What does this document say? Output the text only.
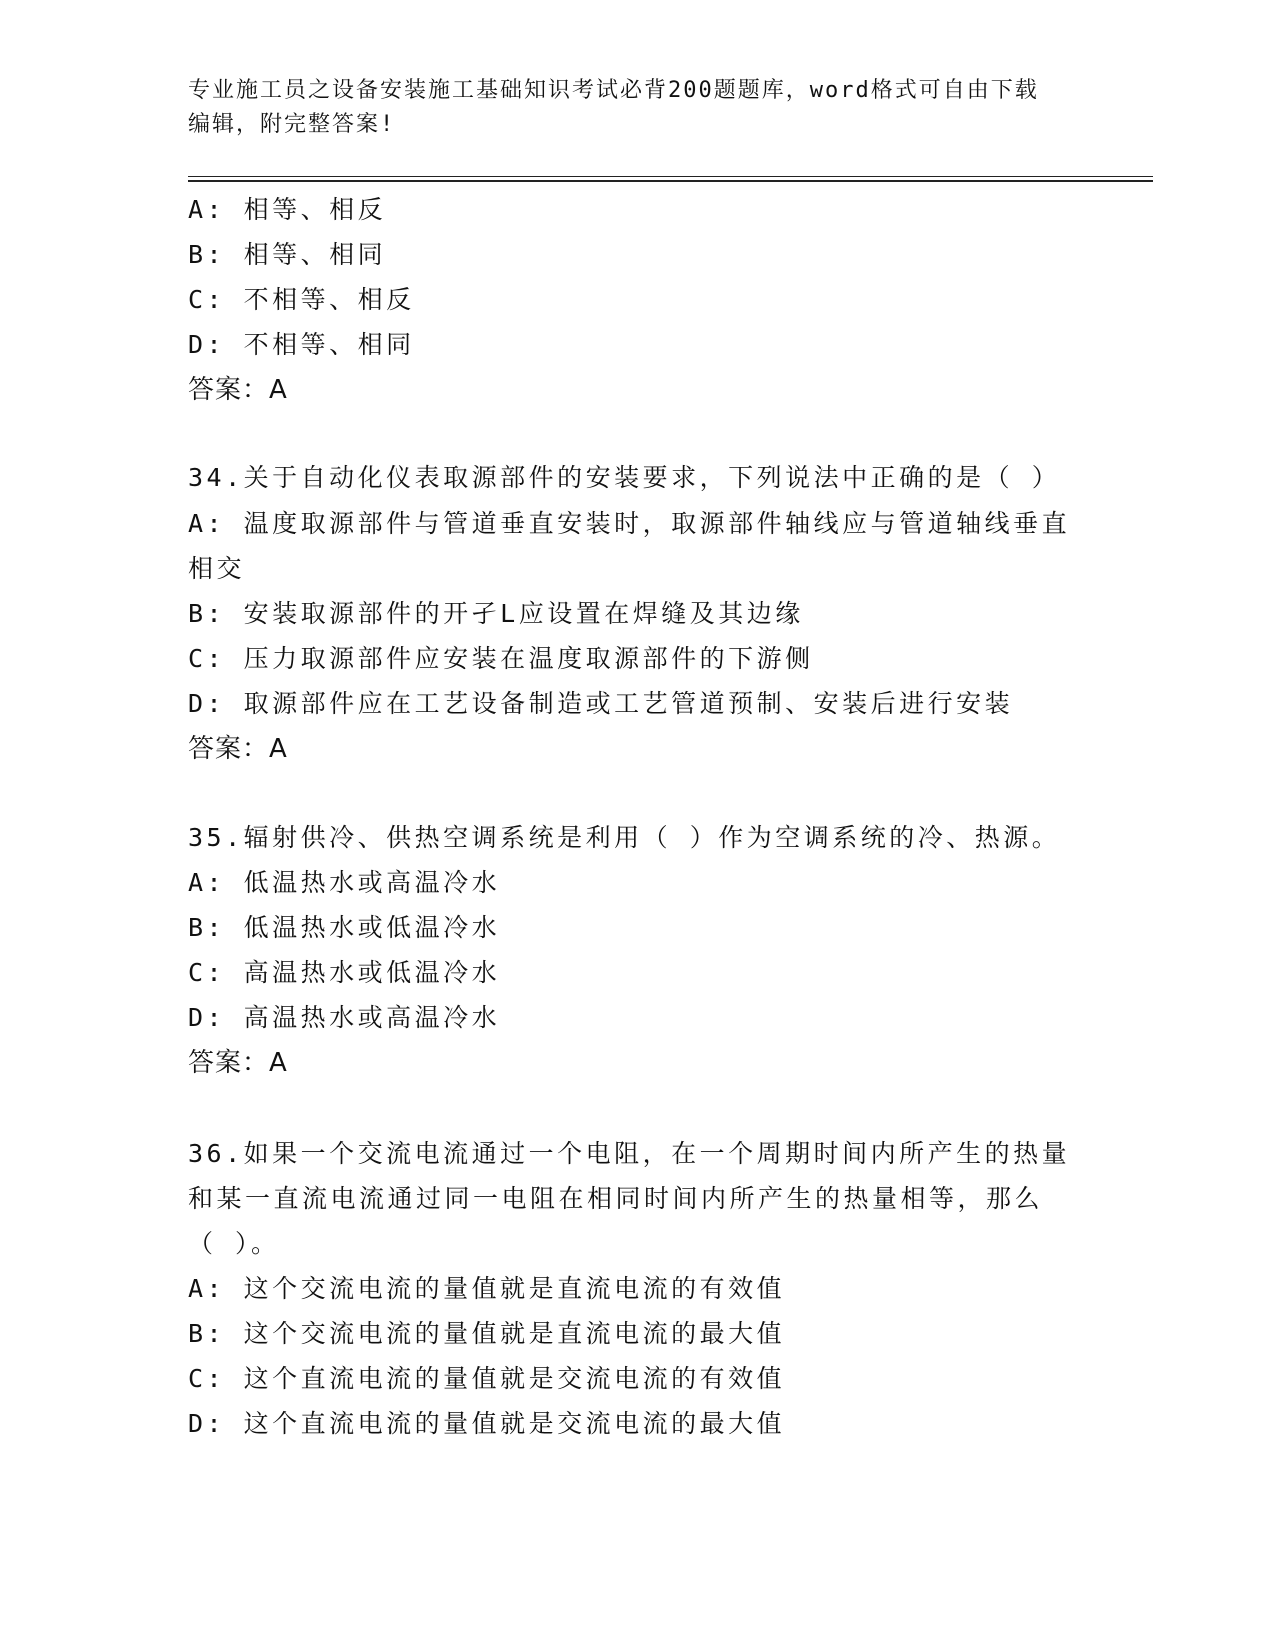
专业施工员之设备安装施工基础知识考试必背200题题库，word格式可自由下载
编辑，附完整答案!
A: 相等、相反
B: 相等、相同
C: 不相等、相反
D: 不相等、相同
答案：A
34.关于自动化仪表取源部件的安装要求，下列说法中正确的是（ ）
A: 温度取源部件与管道垂直安装时，取源部件轴线应与管道轴线垂直
相交
B: 安装取源部件的开孑L应设置在焊缝及其边缘
C: 压力取源部件应安装在温度取源部件的下游侧
D: 取源部件应在工艺设备制造或工艺管道预制、安装后进行安装
答案：A
35.辐射供冷、供热空调系统是利用（ ）作为空调系统的冷、热源。
A: 低温热水或高温冷水
B: 低温热水或低温冷水
C: 高温热水或低温冷水
D: 高温热水或高温冷水
答案：A
36.如果一个交流电流通过一个电阻，在一个周期时间内所产生的热量
和某一直流电流通过同一电阻在相同时间内所产生的热量相等，那么
（ ）。
A: 这个交流电流的量值就是直流电流的有效值
B: 这个交流电流的量值就是直流电流的最大值
C: 这个直流电流的量值就是交流电流的有效值
D: 这个直流电流的量值就是交流电流的最大值
